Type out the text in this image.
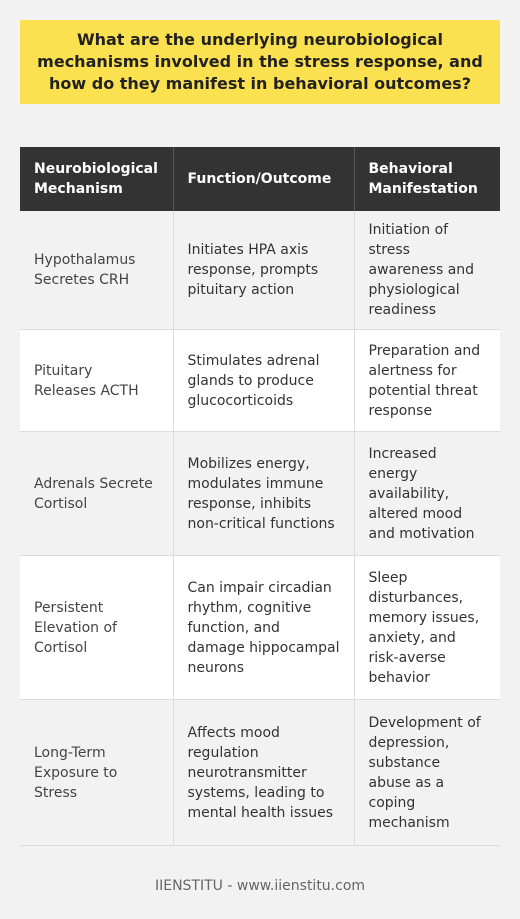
What are the underlying neurobiological mechanisms involved in the stress response, and how do they manifest in behavioral outcomes?
Neurobiological Mechanism	Function/Outcome	Behavioral Manifestation
Hypothalamus Secretes CRH	Initiates HPA axis response, prompts pituitary action	Initiation of stress awareness and physiological readiness
Pituitary Releases ACTH	Stimulates adrenal glands to produce glucocorticoids	Preparation and alertness for potential threat response
Adrenals Secrete Cortisol	Mobilizes energy, modulates immune response, inhibits non-critical functions	Increased energy availability, altered mood and motivation
Persistent Elevation of Cortisol	Can impair circadian rhythm, cognitive function, and damage hippocampal neurons	Sleep disturbances, memory issues, anxiety, and risk-averse behavior
Long-Term Exposure to Stress	Affects mood regulation neurotransmitter systems, leading to mental health issues	Development of depression, substance abuse as a coping mechanism
IIENSTITU - www.iienstitu.com
